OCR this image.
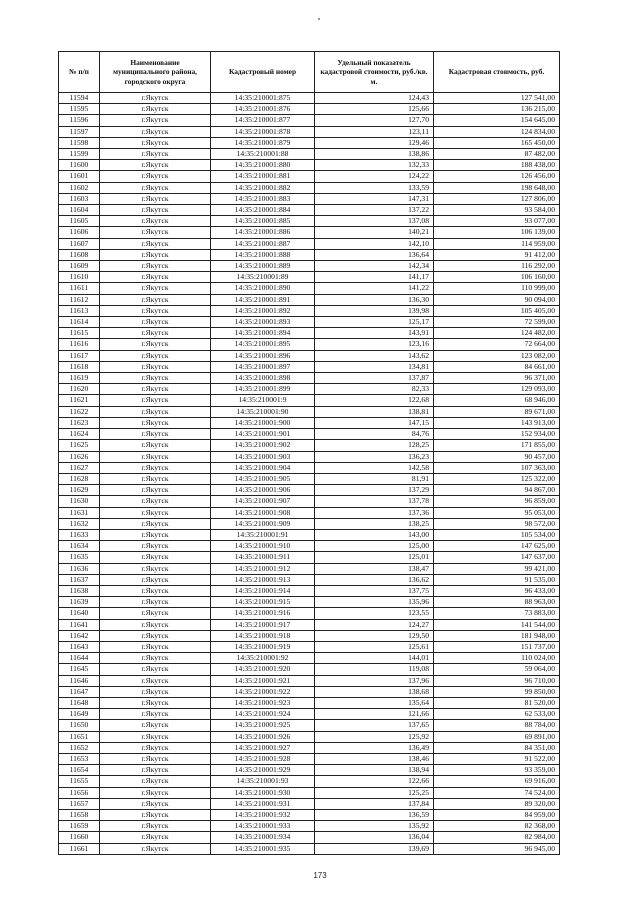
№ п/п	Наименование муниципального района, городского округа	Кадастровый номер	Удельный показатель кадастровой стоимости, руб./кв. м.	Кадастровая стоимость, руб.
11594	г.Якутск	14:35:210001:875	124,43	127 541,00
11595	г.Якутск	14:35:210001:876	125,66	136 215,00
11596	г.Якутск	14:35:210001:877	127,70	154 645,00
11597	г.Якутск	14:35:210001:878	123,11	124 834,00
11598	г.Якутск	14:35:210001:879	129,46	165 450,00
11599	г.Якутск	14:35:210001:88	138,86	87 482,00
11600	г.Якутск	14:35:210001:880	132,33	188 438,00
11601	г.Якутск	14:35:210001:881	124,22	126 456,00
11602	г.Якутск	14:35:210001:882	133,59	198 648,00
11603	г.Якутск	14:35:210001:883	147,31	127 806,00
11604	г.Якутск	14:35:210001:884	137,22	93 584,00
11605	г.Якутск	14:35:210001:885	137,08	93 077,00
11606	г.Якутск	14:35:210001:886	140,21	106 139,00
11607	г.Якутск	14:35:210001:887	142,10	114 959,00
11608	г.Якутск	14:35:210001:888	136,64	91 412,00
11609	г.Якутск	14:35:210001:889	142,34	116 292,00
11610	г.Якутск	14:35:210001:89	141,17	106 160,00
11611	г.Якутск	14:35:210001:890	141,22	110 999,00
11612	г.Якутск	14:35:210001:891	136,30	90 094,00
11613	г.Якутск	14:35:210001:892	139,98	105 405,00
11614	г.Якутск	14:35:210001:893	125,17	72 599,00
11615	г.Якутск	14:35:210001:894	143,91	124 482,00
11616	г.Якутск	14:35:210001:895	123,16	72 664,00
11617	г.Якутск	14:35:210001:896	143,62	123 082,00
11618	г.Якутск	14:35:210001:897	134,81	84 661,00
11619	г.Якутск	14:35:210001:898	137,87	96 371,00
11620	г.Якутск	14:35:210001:899	82,33	129 093,00
11621	г.Якутск	14:35:210001:9	122,68	68 946,00
11622	г.Якутск	14:35:210001:90	138,81	89 671,00
11623	г.Якутск	14:35:210001:900	147,15	143 913,00
11624	г.Якутск	14:35:210001:901	84,76	152 934,00
11625	г.Якутск	14:35:210001:902	128,25	171 855,00
11626	г.Якутск	14:35:210001:903	136,23	90 457,00
11627	г.Якутск	14:35:210001:904	142,58	107 363,00
11628	г.Якутск	14:35:210001:905	81,91	125 322,00
11629	г.Якутск	14:35:210001:906	137,29	94 867,00
11630	г.Якутск	14:35:210001:907	137,78	96 859,00
11631	г.Якутск	14:35:210001:908	137,36	95 053,00
11632	г.Якутск	14:35:210001:909	138,25	98 572,00
11633	г.Якутск	14:35:210001:91	143,00	105 534,00
11634	г.Якутск	14:35:210001:910	125,00	147 625,00
11635	г.Якутск	14:35:210001:911	125,01	147 637,00
11636	г.Якутск	14:35:210001:912	138,47	99 421,00
11637	г.Якутск	14:35:210001:913	136,62	91 535,00
11638	г.Якутск	14:35:210001:914	137,75	96 433,00
11639	г.Якутск	14:35:210001:915	135,96	88 963,00
11640	г.Якутск	14:35:210001:916	123,55	73 883,00
11641	г.Якутск	14:35:210001:917	124,27	141 544,00
11642	г.Якутск	14:35:210001:918	129,50	181 948,00
11643	г.Якутск	14:35:210001:919	125,61	151 737,00
11644	г.Якутск	14:35:210001:92	144,01	110 024,00
11645	г.Якутск	14:35:210001:920	119,08	59 064,00
11646	г.Якутск	14:35:210001:921	137,96	96 710,00
11647	г.Якутск	14:35:210001:922	138,68	99 850,00
11648	г.Якутск	14:35:210001:923	135,64	81 520,00
11649	г.Якутск	14:35:210001:924	121,66	62 533,00
11650	г.Якутск	14:35:210001:925	137,65	88 784,00
11651	г.Якутск	14:35:210001:926	125,92	69 891,00
11652	г.Якутск	14:35:210001:927	136,49	84 351,00
11653	г.Якутск	14:35:210001:928	138,46	91 522,00
11654	г.Якутск	14:35:210001:929	138,94	93 359,00
11655	г.Якутск	14:35:210001:93	122,66	69 916,00
11656	г.Якутск	14:35:210001:930	125,25	74 524,00
11657	г.Якутск	14:35:210001:931	137,84	89 320,00
11658	г.Якутск	14:35:210001:932	136,59	84 959,00
11659	г.Якутск	14:35:210001:933	135,92	82 368,00
11660	г.Якутск	14:35:210001:934	136,04	82 984,00
11661	г.Якутск	14:35:210001:935	139,69	96 945,00
173
